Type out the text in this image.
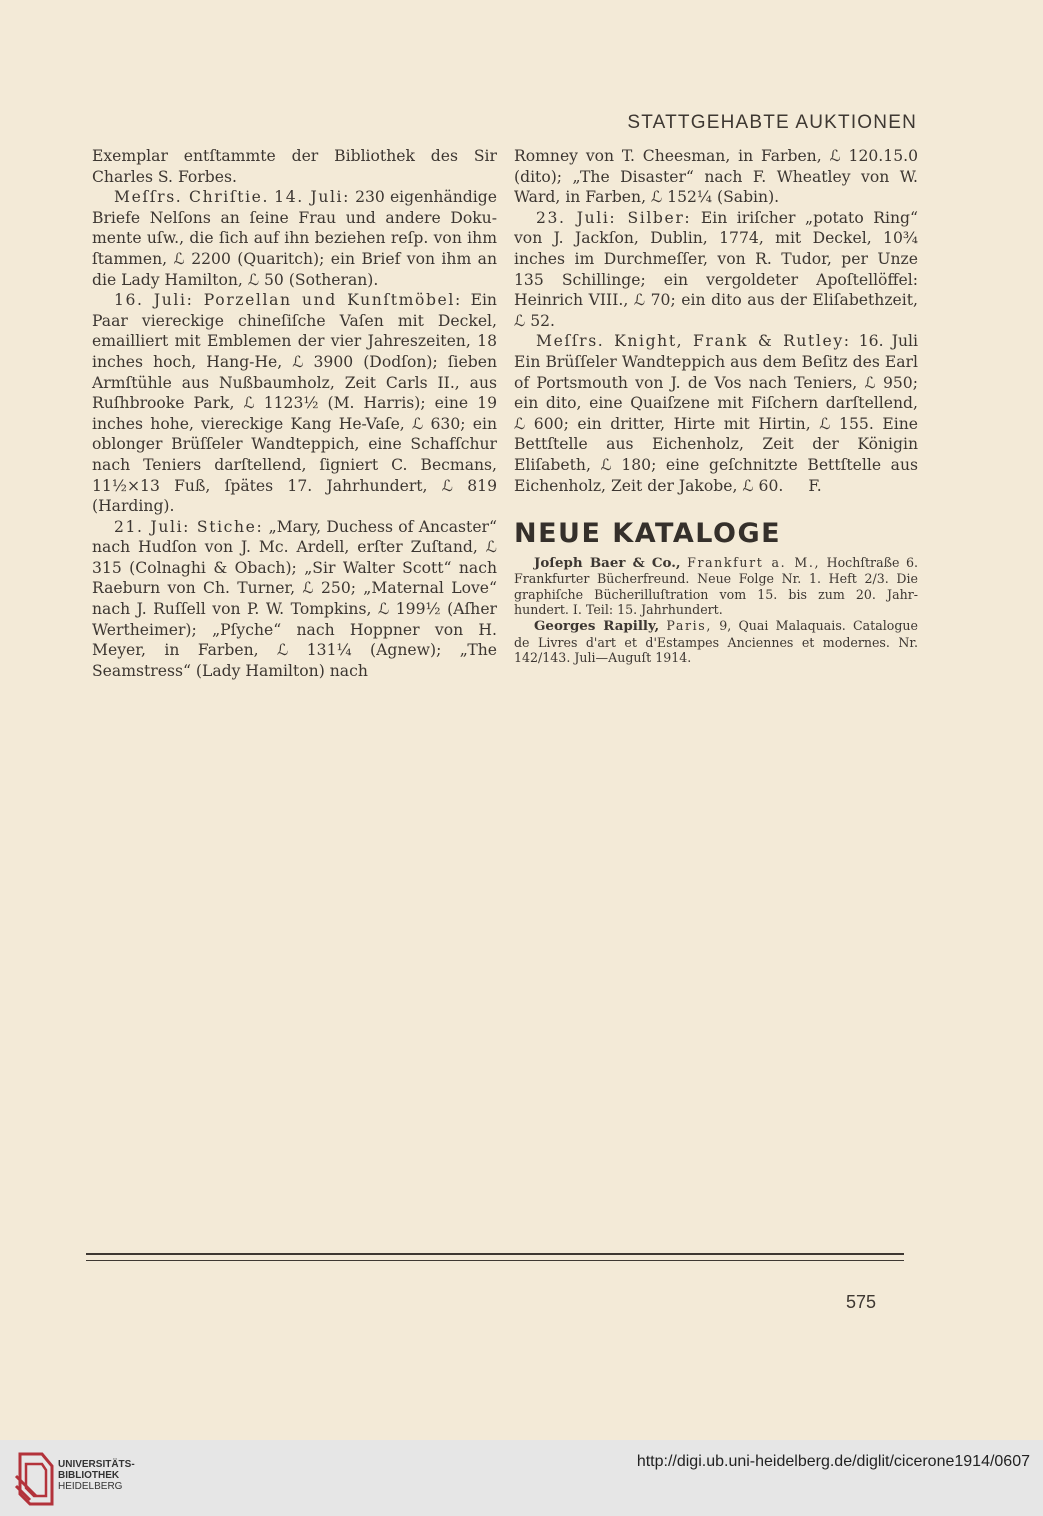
STATTGEHABTE AUKTIONEN

Exemplar entſtammte der Bibliothek des Sir Charles S. Forbes.

Meſſrs. Chriſtie. 14. Juli: 230 eigenhändige Briefe Nelſons an ſeine Frau und andere Dokumente uſw., die ſich auf ihn beziehen reſp. von ihm ſtammen, ℒ 2200 (Quaritch); ein Brief von ihm an die Lady Hamilton, ℒ 50 (Sotheran).

16. Juli: Porzellan und Kunſtmöbel: Ein Paar viereckige chineſiſche Vaſen mit Deckel, emailliert mit Emblemen der vier Jahreszeiten, 18 inches hoch, Hang-He, ℒ 3900 (Dodſon); ſieben Armſtühle aus Nußbaumholz, Zeit Carls II., aus Ruſhbrooke Park, ℒ 1123½ (M. Harris); eine 19 inches hohe, viereckige Kang He-Vaſe, ℒ 630; ein oblonger Brüſſeler Wandteppich, eine Schafſchur nach Teniers darſtellend, ſigniert C. Becmans, 11½×13 Fuß, ſpätes 17. Jahrhundert, ℒ 819 (Harding).

21. Juli: Stiche: „Mary, Duchess of Ancaster“ nach Hudſon von J. Mc. Ardell, erſter Zuſtand, ℒ 315 (Colnaghi & Obach); „Sir Walter Scott“ nach Raeburn von Ch. Turner, ℒ 250; „Maternal Love“ nach J. Ruſſell von P. W. Tompkins, ℒ 199½ (Aſher Wertheimer); „Pſyche“ nach Hoppner von H. Meyer, in Farben, ℒ 131¼ (Agnew); „The Seamstress“ (Lady Hamilton) nach

Romney von T. Cheesman, in Farben, ℒ 120.15.0 (dito); „The Disaster“ nach F. Wheatley von W. Ward, in Farben, ℒ 152¼ (Sabin).

23. Juli: Silber: Ein iriſcher „potato Ring“ von J. Jackſon, Dublin, 1774, mit Deckel, 10¾ inches im Durchmeſſer, von R. Tudor, per Unze 135 Schillinge; ein vergoldeter Apoſtellöffel: Heinrich VIII., ℒ 70; ein dito aus der Eliſabethzeit, ℒ 52.

Meſſrs. Knight, Frank & Rutley: 16. Juli Ein Brüſſeler Wandteppich aus dem Beſitz des Earl of Portsmouth von J. de Vos nach Teniers, ℒ 950; ein dito, eine Quaiſzene mit Fiſchern darſtellend, ℒ 600; ein dritter, Hirte mit Hirtin, ℒ 155. Eine Bettſtelle aus Eichenholz, Zeit der Königin Eliſabeth, ℒ 180; eine geſchnitzte Bettſtelle aus Eichenholz, Zeit der Jakobe, ℒ 60. F.

NEUE KATALOGE

Joſeph Baer & Co., Frankfurt a. M., Hochſtraße 6. Frankfurter Bücherfreund. Neue Folge Nr. 1. Heft 2/3. Die graphiſche Bücherilluſtration vom 15. bis zum 20. Jahrhundert. I. Teil: 15. Jahrhundert.

Georges Rapilly, Paris, 9, Quai Malaquais. Catalogue de Livres d'art et d'Estampes Anciennes et modernes. Nr. 142/143. Juli—Auguſt 1914.

575
UNIVERSITÄTS-
BIBLIOTHEK
HEIDELBERG
http://digi.ub.uni-heidelberg.de/diglit/cicerone1914/0607
